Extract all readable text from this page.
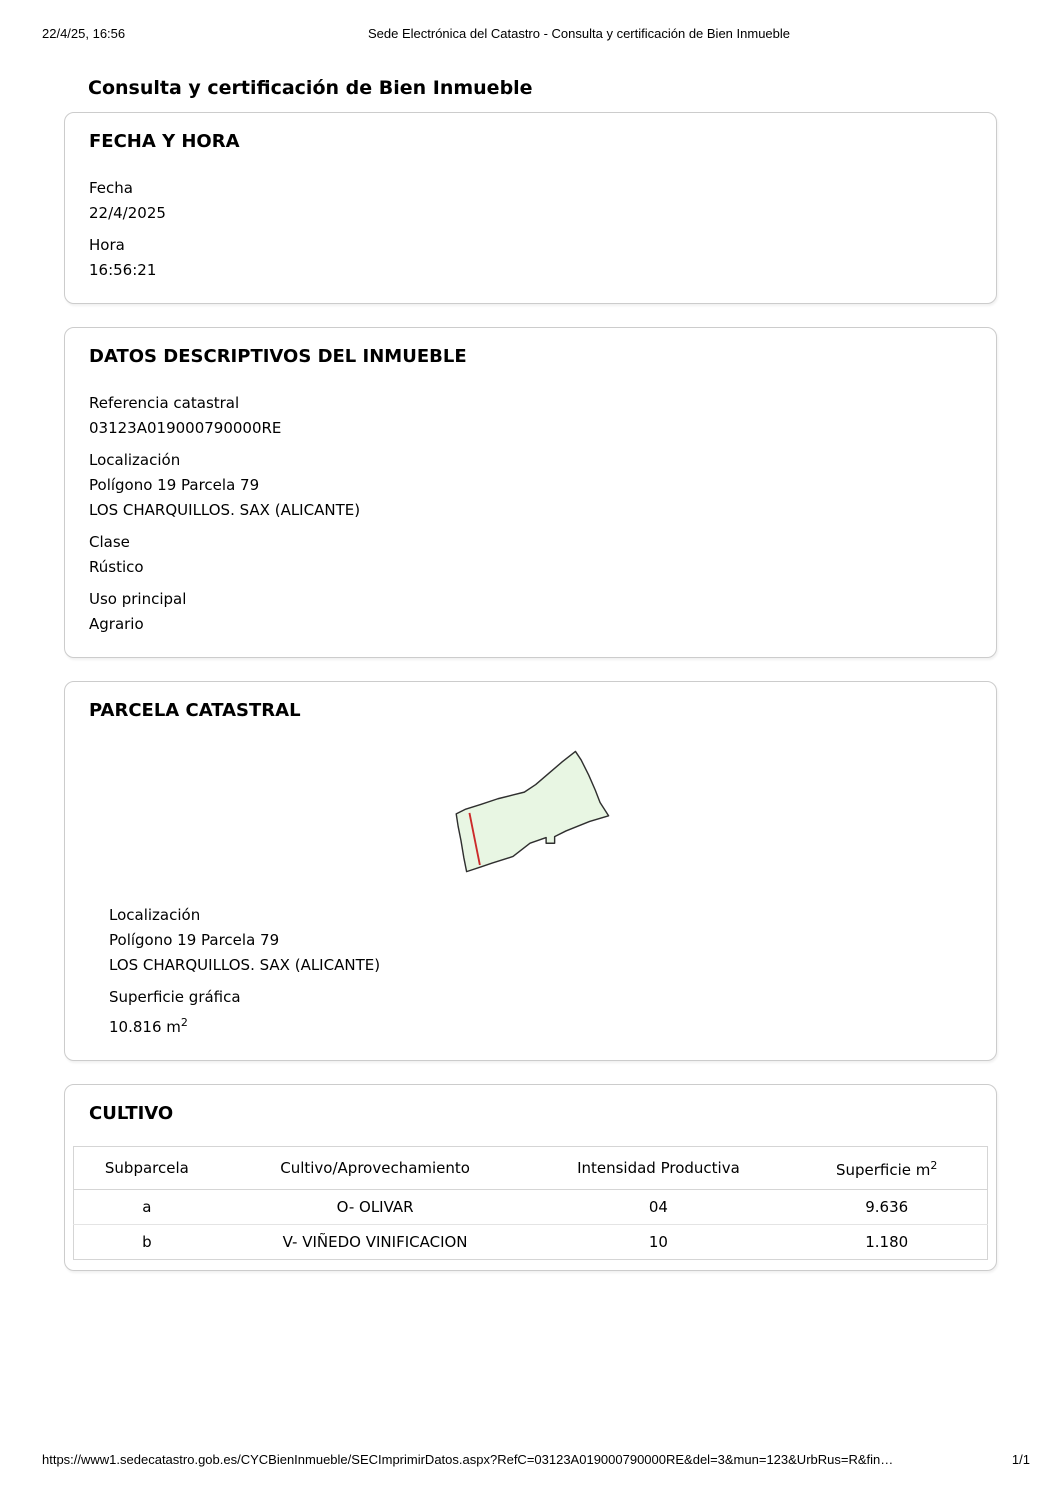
22/4/25, 16:56	Sede Electrónica del Catastro - Consulta y certificación de Bien Inmueble
Consulta y certificación de Bien Inmueble
FECHA Y HORA
Fecha
22/4/2025
Hora
16:56:21
DATOS DESCRIPTIVOS DEL INMUEBLE
Referencia catastral
03123A019000790000RE
Localización
Polígono 19 Parcela 79
LOS CHARQUILLOS. SAX (ALICANTE)
Clase
Rústico
Uso principal
Agrario
PARCELA CATASTRAL
Localización
Polígono 19 Parcela 79
LOS CHARQUILLOS. SAX (ALICANTE)
Superficie gráfica
10.816 $m^2$
CULTIVO
Subparcela	Cultivo/Aprovechamiento	Intensidad Productiva	Superficie $m^2$
a	O- OLIVAR	04	9.636
b	V- VIÑEDO VINIFICACION	10	1.180
https://www1.sedecatastro.gob.es/CYCBienInmueble/SECImprimirDatos.aspx?RefC=03123A019000790000RE&del=3&mun=123&UrbRus=R&fin…	1/1
